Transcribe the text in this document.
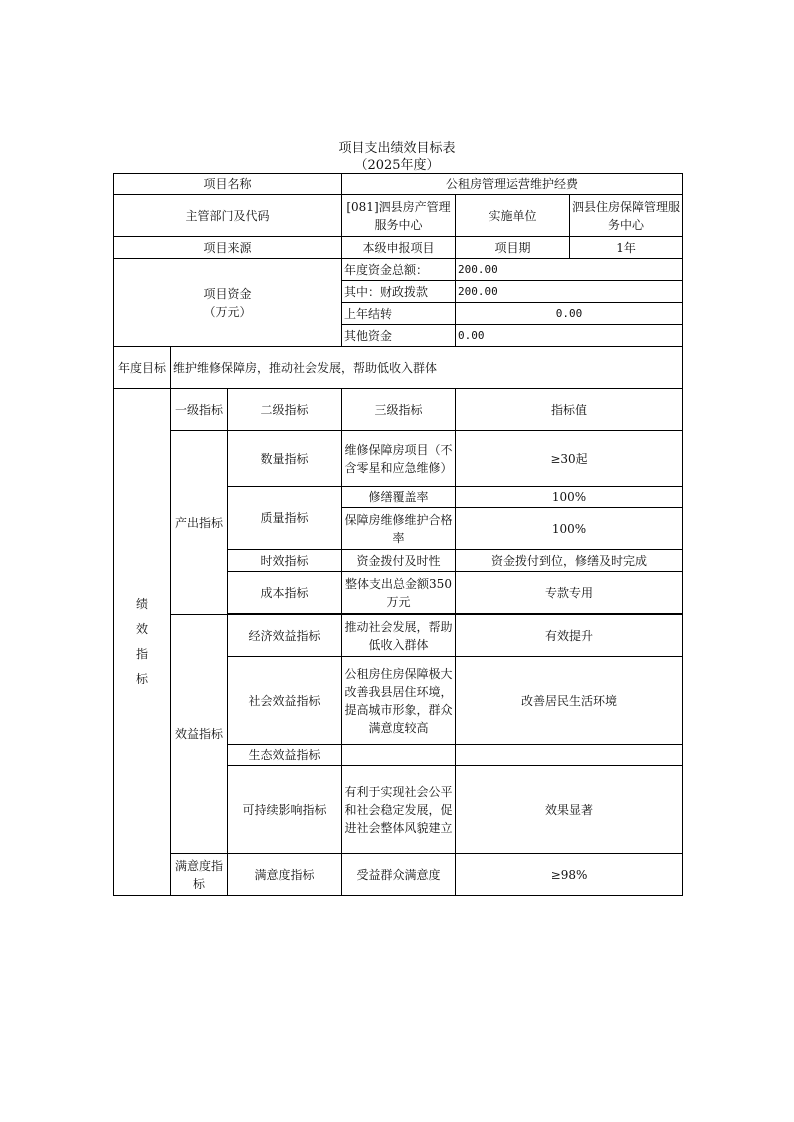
项目支出绩效目标表
（2025年度）
项目名称			公租房管理运营维护经费		
主管部门及代码			[081]泗县房产管理服务中心	实施单位	泗县住房保障管理服务中心
项目来源			本级申报项目	项目期	1年

项目资金
（万元）			年度资金总额：	200.00	
			其中：财政拨款	200.00	
			上年结转	0.00	
			其他资金	0.00	
年度目标	维护维修保障房，推动社会发展，帮助低收入群体				

绩效指标	一级指标	二级指标	三级指标	指标值	
	产出指标	数量指标	维修保障房项目（不含零星和应急维修）	≥30起	
		质量指标	修缮覆盖率	100%	
			保障房维修维护合格率	100%	
		时效指标	资金拨付及时性	资金拨付到位，修缮及时完成	
		成本指标	整体支出总金额350万元	专款专用	

	效益指标	经济效益指标	推动社会发展，帮助低收入群体	有效提升	
		社会效益指标	公租房住房保障极大改善我县居住环境，提高城市形象，群众满意度较高	改善居民生活环境	
		生态效益指标			
		可持续影响指标	有利于实现社会公平和社会稳定发展，促进社会整体风貌建立	效果显著	
	满意度指标	满意度指标	受益群众满意度	≥98%	
